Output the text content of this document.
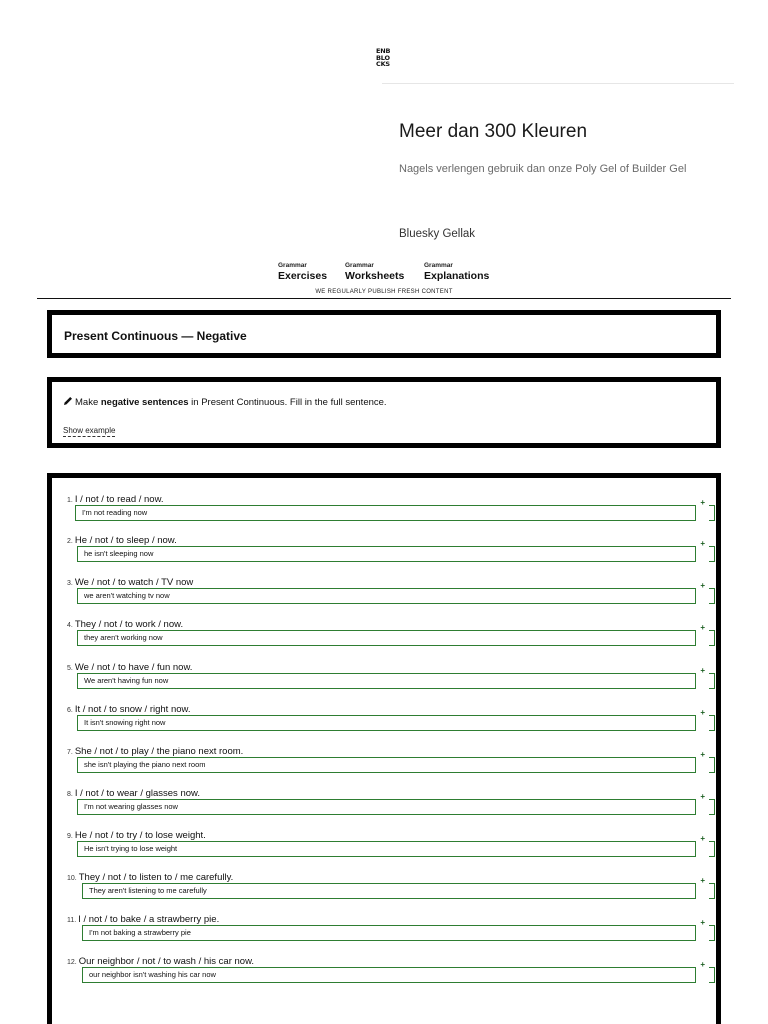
ENB
BLO
CKS
Meer dan 300 Kleuren
Nagels verlengen gebruik dan onze Poly Gel of Builder Gel
Bluesky Gellak
Grammar
Exercises
Grammar
Worksheets
Grammar
Explanations
WE REGULARLY PUBLISH FRESH CONTENT
Present Continuous — Negative
Make negative sentences in Present Continuous. Fill in the full sentence.
Show example
1. I / not / to read / now.
I'm not reading now
+
2. He / not / to sleep / now.
he isn't sleeping now
+
3. We / not / to watch / TV now
we aren't watching tv now
+
4. They / not / to work / now.
they aren't working now
+
5. We / not / to have / fun now.
We aren't having fun now
+
6. It / not / to snow / right now.
It isn't snowing right now
+
7. She / not / to play / the piano next room.
she isn't playing the piano next room
+
8. I / not / to wear / glasses now.
I'm not wearing glasses now
+
9. He / not / to try / to lose weight.
He isn't trying to lose weight
+
10. They / not / to listen to / me carefully.
They aren't listening to me carefully
+
11. I / not / to bake / a strawberry pie.
I'm not baking a strawberry pie
+
12. Our neighbor / not / to wash / his car now.
our neighbor isn't washing his car now
+
